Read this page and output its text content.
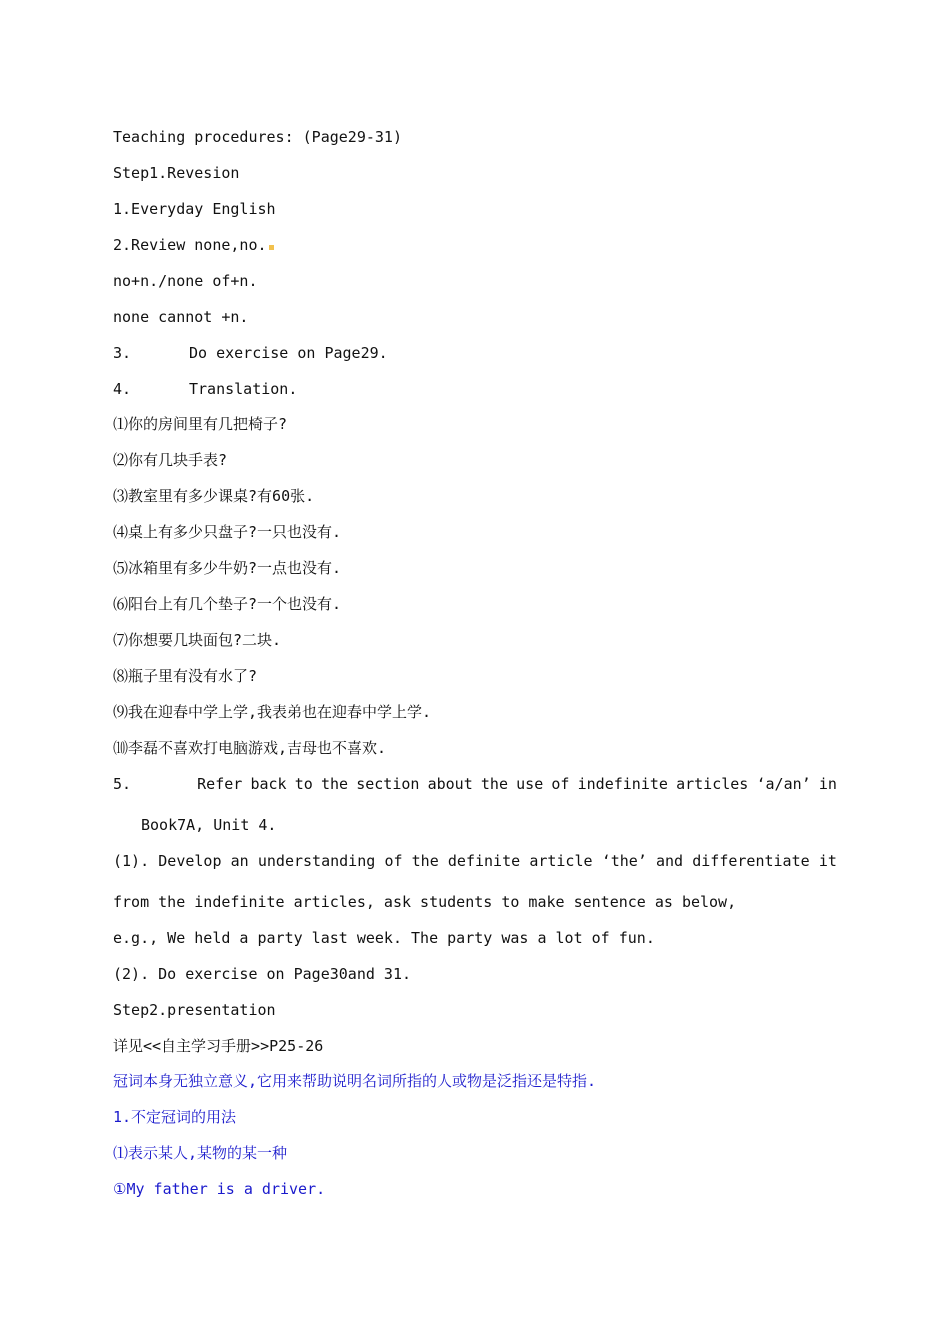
Teaching procedures: (Page29-31)
Step1.Revesion
1.Everyday English
2.Review none,no.
no+n./none of+n.
none cannot +n.
3.	Do exercise on Page29.
4.	Translation.
⑴你的房间里有几把椅子?
⑵你有几块手表?
⑶教室里有多少课桌?有60张.
⑷桌上有多少只盘子?一只也没有.
⑸冰箱里有多少牛奶?一点也没有.
⑹阳台上有几个垫子?一个也没有.
⑺你想要几块面包?二块.
⑻瓶子里有没有水了?
⑼我在迎春中学上学,我表弟也在迎春中学上学.
⑽李磊不喜欢打电脑游戏,吉母也不喜欢.
5.	Refer back to the section about the use of indefinite articles ‘a/an’ in
Book7A, Unit 4.
(1). Develop an understanding of the definite article ‘the’ and differentiate it
from the indefinite articles, ask students to make sentence as below,
e.g., We held a party last week. The party was a lot of fun.
(2). Do exercise on Page30and 31.
Step2.presentation
详见<<自主学习手册>>P25-26
冠词本身无独立意义,它用来帮助说明名词所指的人或物是泛指还是特指.
1.不定冠词的用法
⑴表示某人,某物的某一种
①My father is a driver.
